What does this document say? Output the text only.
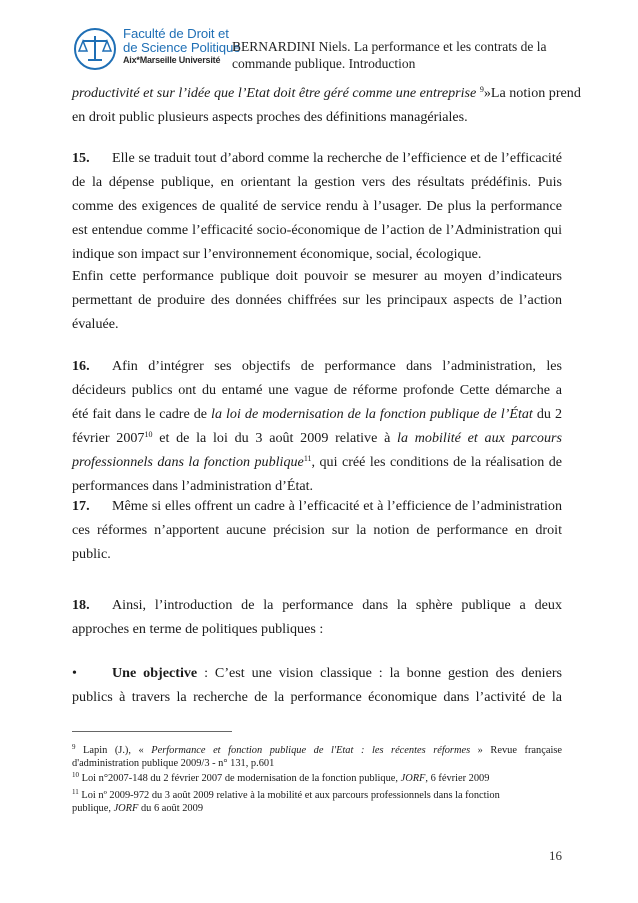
Faculté de Droit et
de Science Politique
Aix*Marseille Université
BERNARDINI Niels. La performance et les contrats de la
commande publique. Introduction
productivité et sur l’idée que l’Etat doit être géré comme une entreprise $^9$»La notion prend
en droit public plusieurs aspects proches des définitions managériales.
15. Elle se traduit tout d’abord comme la recherche de l’efficience et de l’efficacité
de la dépense publique, en orientant la gestion vers des résultats prédéfinis. Puis
comme des exigences de qualité de service rendu à l’usager. De plus la performance
est entendue comme l’efficacité socio-économique de l’action de l’Administration qui
indique son impact sur l’environnement économique, social, écologique.
Enfin cette performance publique doit pouvoir se mesurer au moyen d’indicateurs
permettant de produire des données chiffrées sur les principaux aspects de l’action
évaluée.
16. Afin d’intégrer ses objectifs de performance dans l’administration, les
décideurs publics ont du entamé une vague de réforme profonde Cette démarche a
été fait dans le cadre de la loi de modernisation de la fonction publique de l’État du 2
février 2007$^{10}$ et de la loi du 3 août 2009 relative à la mobilité et aux parcours
professionnels dans la fonction publique$^{11}$, qui créé les conditions de la réalisation de
performances dans l’administration d’État.
17. Même si elles offrent un cadre à l’efficacité et à l’efficience de l’administration
ces réformes n’apportent aucune précision sur la notion de performance en droit
public.
18. Ainsi, l’introduction de la performance dans la sphère publique a deux
approches en terme de politiques publiques :
• Une objective : C’est une vision classique : la bonne gestion des deniers
publics à travers la recherche de la performance économique dans l’activité de la
$^9$ Lapin (J.), « Performance et fonction publique de l'Etat : les récentes réformes » Revue française
d'administration publique 2009/3 - n° 131, p.601
$^{10}$ Loi n°2007-148 du 2 février 2007 de modernisation de la fonction publique, JORF, 6 février 2009
$^{11}$ Loi nº 2009-972 du 3 août 2009 relative à la mobilité et aux parcours professionnels dans la fonction
publique, JORF du 6 août 2009
16
